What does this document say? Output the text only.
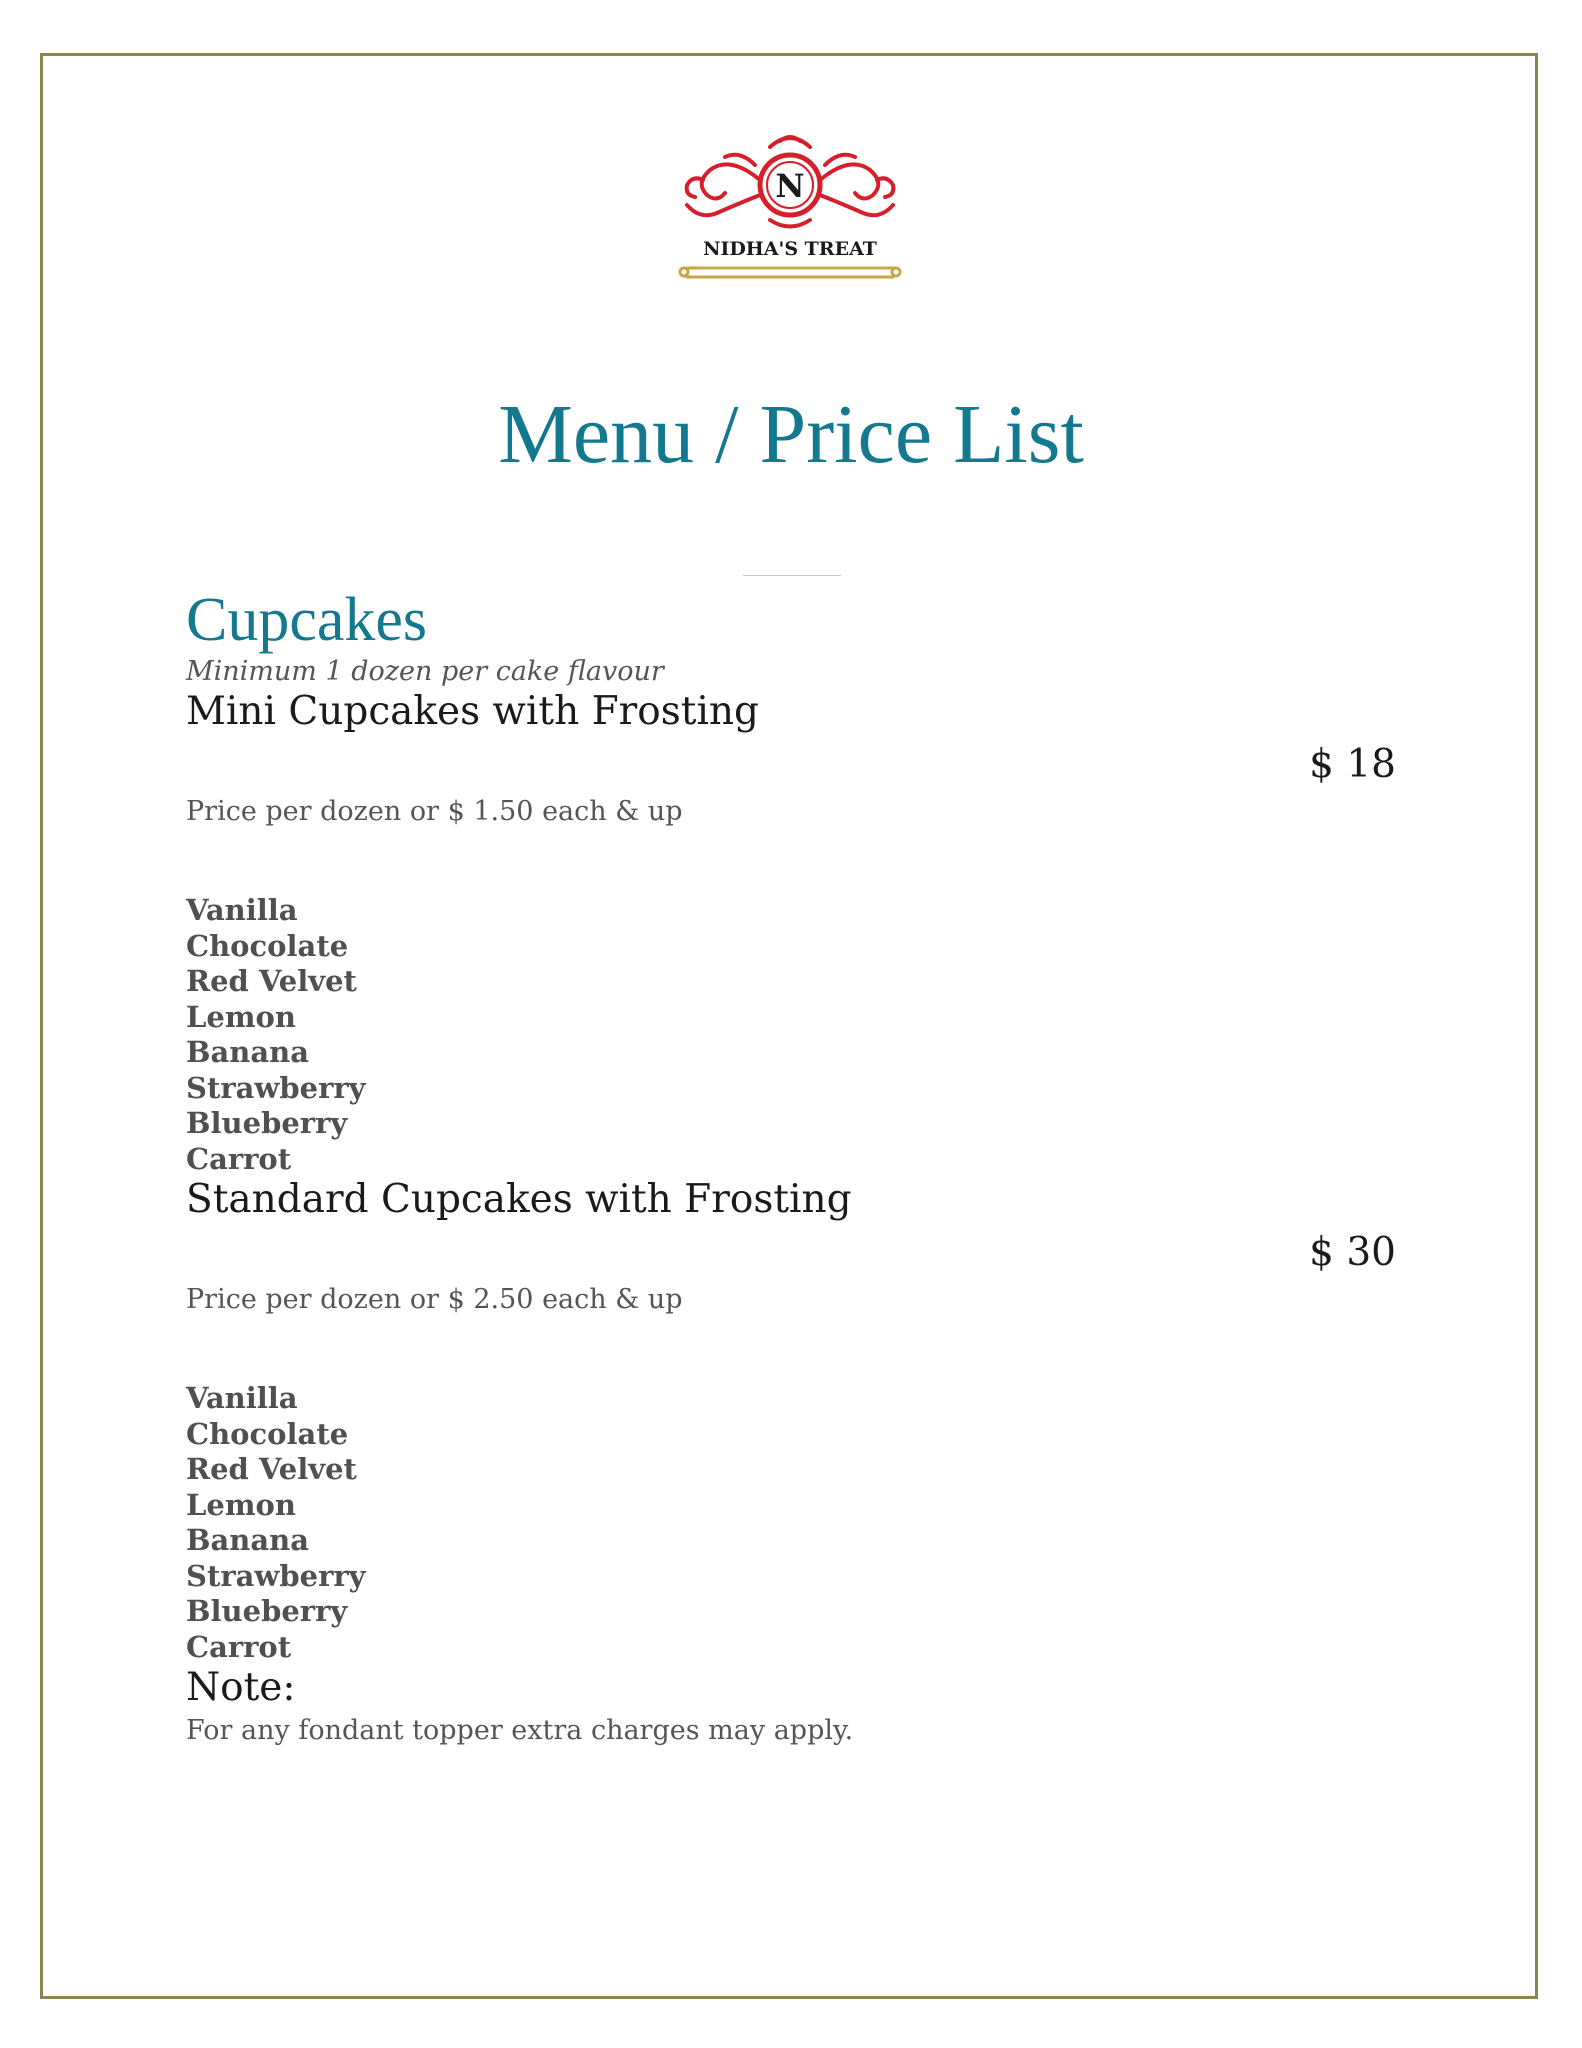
N
NIDHA'S TREAT
Menu / Price List
Cupcakes

Minimum 1 dozen per cake flavour

Mini Cupcakes with Frosting
$ 18

Price per dozen or $ 1.50 each & up

Vanilla
Chocolate
Red Velvet
Lemon
Banana
Strawberry
Blueberry
Carrot
Standard Cupcakes with Frosting
$ 30

Price per dozen or $ 2.50 each & up

Vanilla
Chocolate
Red Velvet
Lemon
Banana
Strawberry
Blueberry
Carrot

Note:

For any fondant topper extra charges may apply.
